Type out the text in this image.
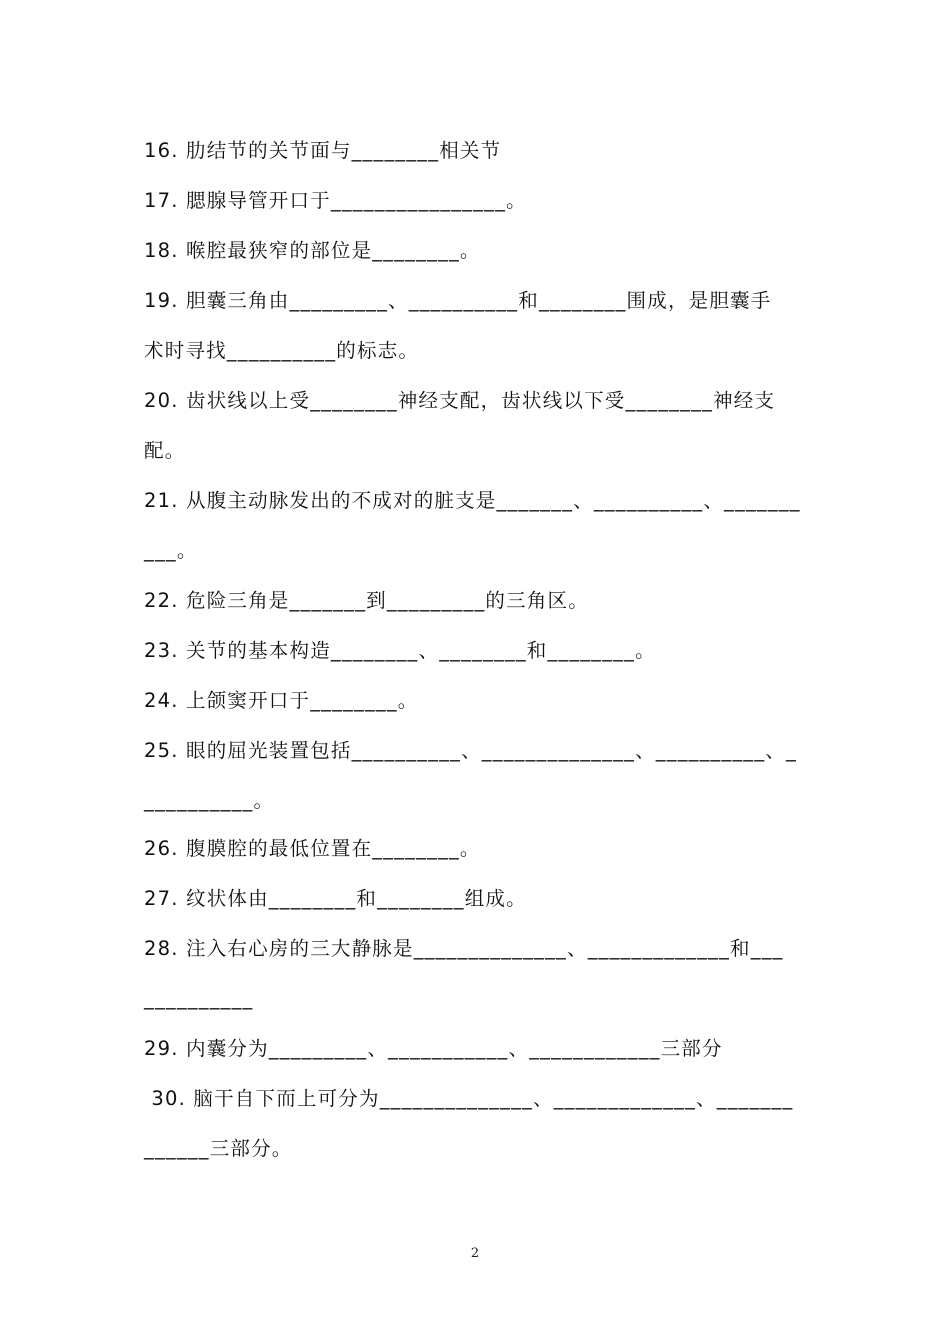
16. 肋结节的关节面与________相关节
17. 腮腺导管开口于________________。
18. 喉腔最狭窄的部位是________。
19. 胆囊三角由_________、__________和________围成，是胆囊手
术时寻找__________的标志。
20. 齿状线以上受________神经支配，齿状线以下受________神经支
配。
21. 从腹主动脉发出的不成对的脏支是_______、__________、_______
___。
22. 危险三角是_______到_________的三角区。
23. 关节的基本构造________、________和________。
24. 上颌窦开口于________。
25. 眼的屈光装置包括__________、______________、__________、_
__________。
26. 腹膜腔的最低位置在________。
27. 纹状体由________和________组成。
28. 注入右心房的三大静脉是______________、_____________和___
__________
29. 内囊分为_________、___________、____________三部分
30. 脑干自下而上可分为______________、_____________、_______
______三部分。
2
